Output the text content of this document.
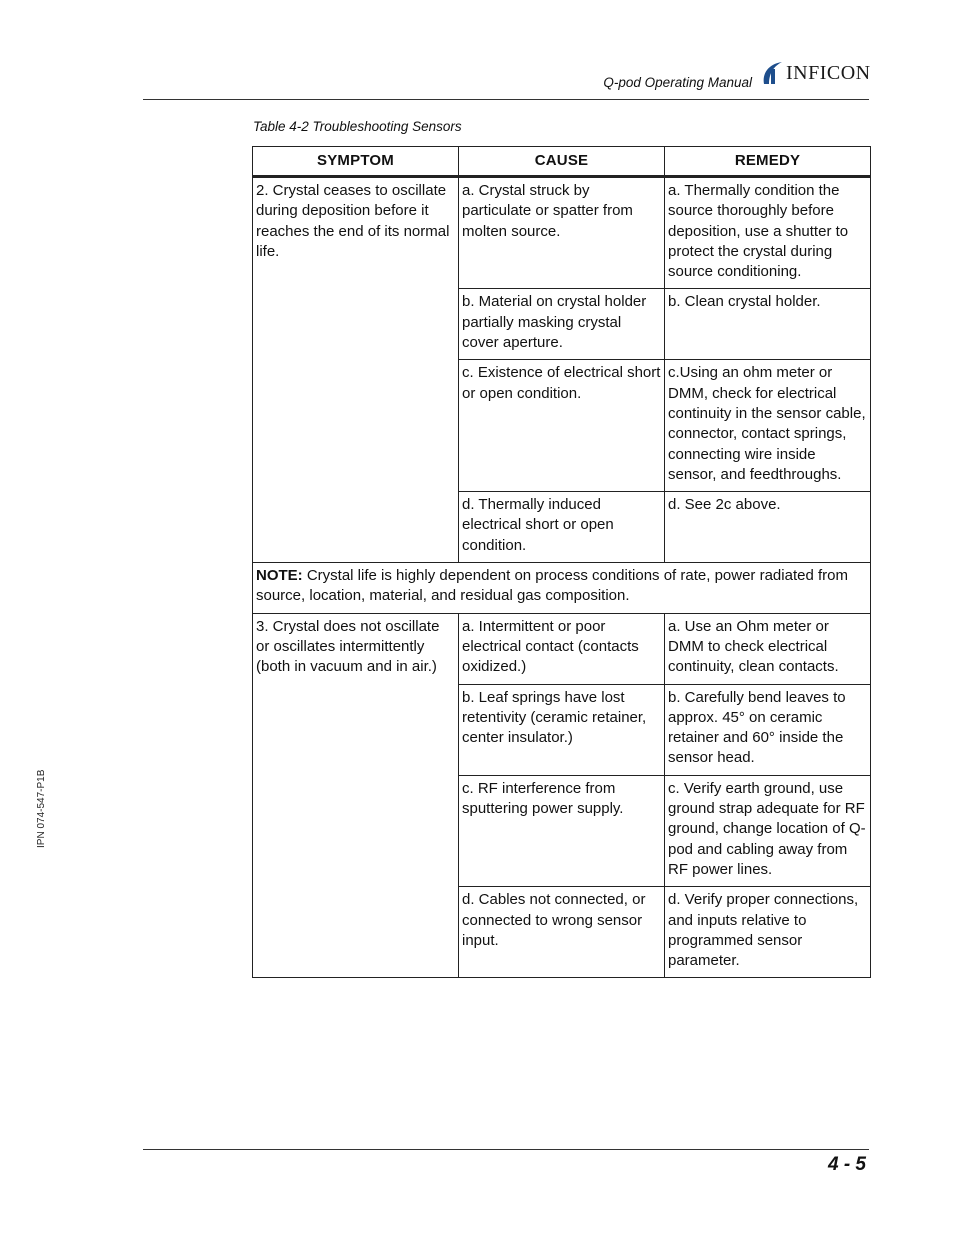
Q-pod Operating Manual INFICON
Table 4-2 Troubleshooting Sensors
IPN 074-547-P1B
SYMPTOM	CAUSE	REMEDY
2. Crystal ceases to oscillate during deposition before it reaches the end of its normal life.	a. Crystal struck by particulate or spatter from molten source.	a. Thermally condition the source thoroughly before deposition, use a shutter to protect the crystal during source conditioning.
	b. Material on crystal holder partially masking crystal cover aperture.	b. Clean crystal holder.
	c. Existence of electrical short or open condition.	c.Using an ohm meter or DMM, check for electrical continuity in the sensor cable, connector, contact springs, connecting wire inside sensor, and feedthroughs.
	d. Thermally induced electrical short or open condition.	d. See 2c above.
NOTE: Crystal life is highly dependent on process conditions of rate, power radiated from source, location, material, and residual gas composition.		
3. Crystal does not oscillate or oscillates intermittently (both in vacuum and in air.)	a. Intermittent or poor electrical contact (contacts oxidized.)	a. Use an Ohm meter or DMM to check electrical continuity, clean contacts.
	b. Leaf springs have lost retentivity (ceramic retainer, center insulator.)	b. Carefully bend leaves to approx. 45° on ceramic retainer and 60° inside the sensor head.
	c. RF interference from sputtering power supply.	c. Verify earth ground, use ground strap adequate for RF ground, change location of Q-pod and cabling away from RF power lines.
	d. Cables not connected, or connected to wrong sensor input.	d. Verify proper connections, and inputs relative to programmed sensor parameter.
4 - 5
